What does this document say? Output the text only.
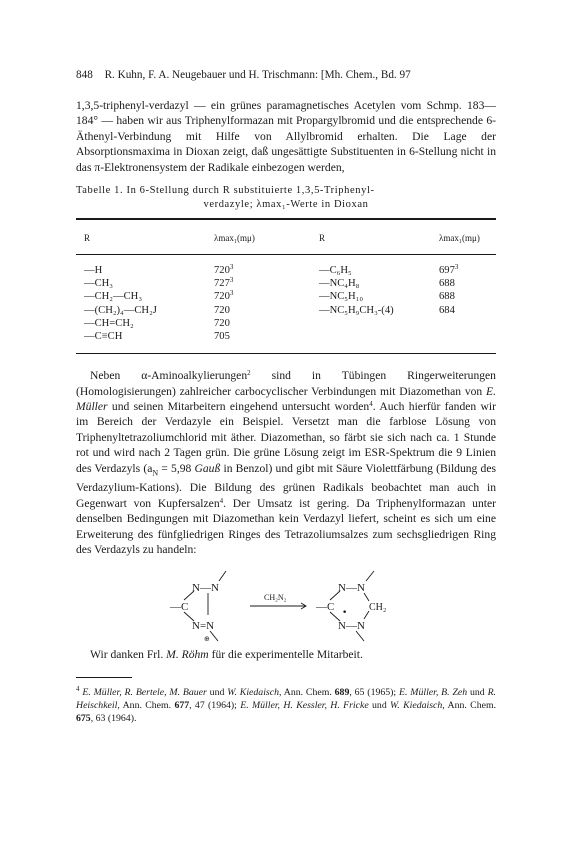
848 R. Kuhn, F. A. Neugebauer und H. Trischmann: [Mh. Chem., Bd. 97

1,3,5-triphenyl-verdazyl — ein grünes paramagnetisches Acetylen vom Schmp. 183—184° — haben wir aus Triphenylformazan mit Propargylbromid und die entsprechende 6-Äthenyl-Verbindung mit Hilfe von Allylbromid erhalten. Die Lage der Absorptionsmaxima in Dioxan zeigt, daß ungesättigte Substituenten in 6-Stellung nicht in das π-Elektronensystem der Radikale einbezogen werden,

Tabelle 1. In 6-Stellung durch R substituierte 1,3,5-Triphenyl-
verdazyle; λmax₁-Werte in Dioxan
R	λmax₁(mμ)	R	λmax₁(mμ)
—H	$720^3$	—C₆H₅	$697^3$
—CH₃	$727^3$	—NC₄H₈	688
—CH₂—CH₃	$720^3$	—NC₅H₁₀	688
—(CH₂)₄—CH₂J	720	—NC₅H₉CH₃-(4)	684
—CH=CH₂	720		
—C≡CH	705		

Neben α-Aminoalkylierungen$^2$ sind in Tübingen Ringerweiterungen (Homologisierungen) zahlreicher carbocyclischer Verbindungen mit Diazomethan von E. Müller und seinen Mitarbeitern eingehend untersucht worden$^4$. Auch hierfür fanden wir im Bereich der Verdazyle ein Beispiel. Versetzt man die farblose Lösung von Triphenyltetrazoliumchlorid mit äther. Diazomethan, so färbt sie sich nach ca. 1 Stunde rot und wird nach 2 Tagen grün. Die grüne Lösung zeigt im ESR-Spektrum die 9 Linien des Verdazyls ($a_N = 5,98$ Gauß in Benzol) und gibt mit Säure Violettfärbung (Bildung des Verdazylium-Kations). Die Bildung des grünen Radikals beobachtet man auch in Gegenwart von Kupfersalzen$^4$. Der Umsatz ist gering. Da Triphenylformazan unter denselben Bedingungen mit Diazomethan kein Verdazyl liefert, scheint es sich um eine Erweiterung des fünfgliedrigen Ringes des Tetrazoliumsalzes zum sechsgliedrigen Ring des Verdazyls zu handeln:

N—N
—C
N=N
⊕
CH₂N₂
N—N
—C	CH₂
N—N
•

Wir danken Frl. M. Röhm für die experimentelle Mitarbeit.

$^4$ E. Müller, R. Bertele, M. Bauer und W. Kiedaisch, Ann. Chem. 689, 65 (1965); E. Müller, B. Zeh und R. Heischkeil, Ann. Chem. 677, 47 (1964); E. Müller, H. Kessler, H. Fricke und W. Kiedaisch, Ann. Chem. 675, 63 (1964).
